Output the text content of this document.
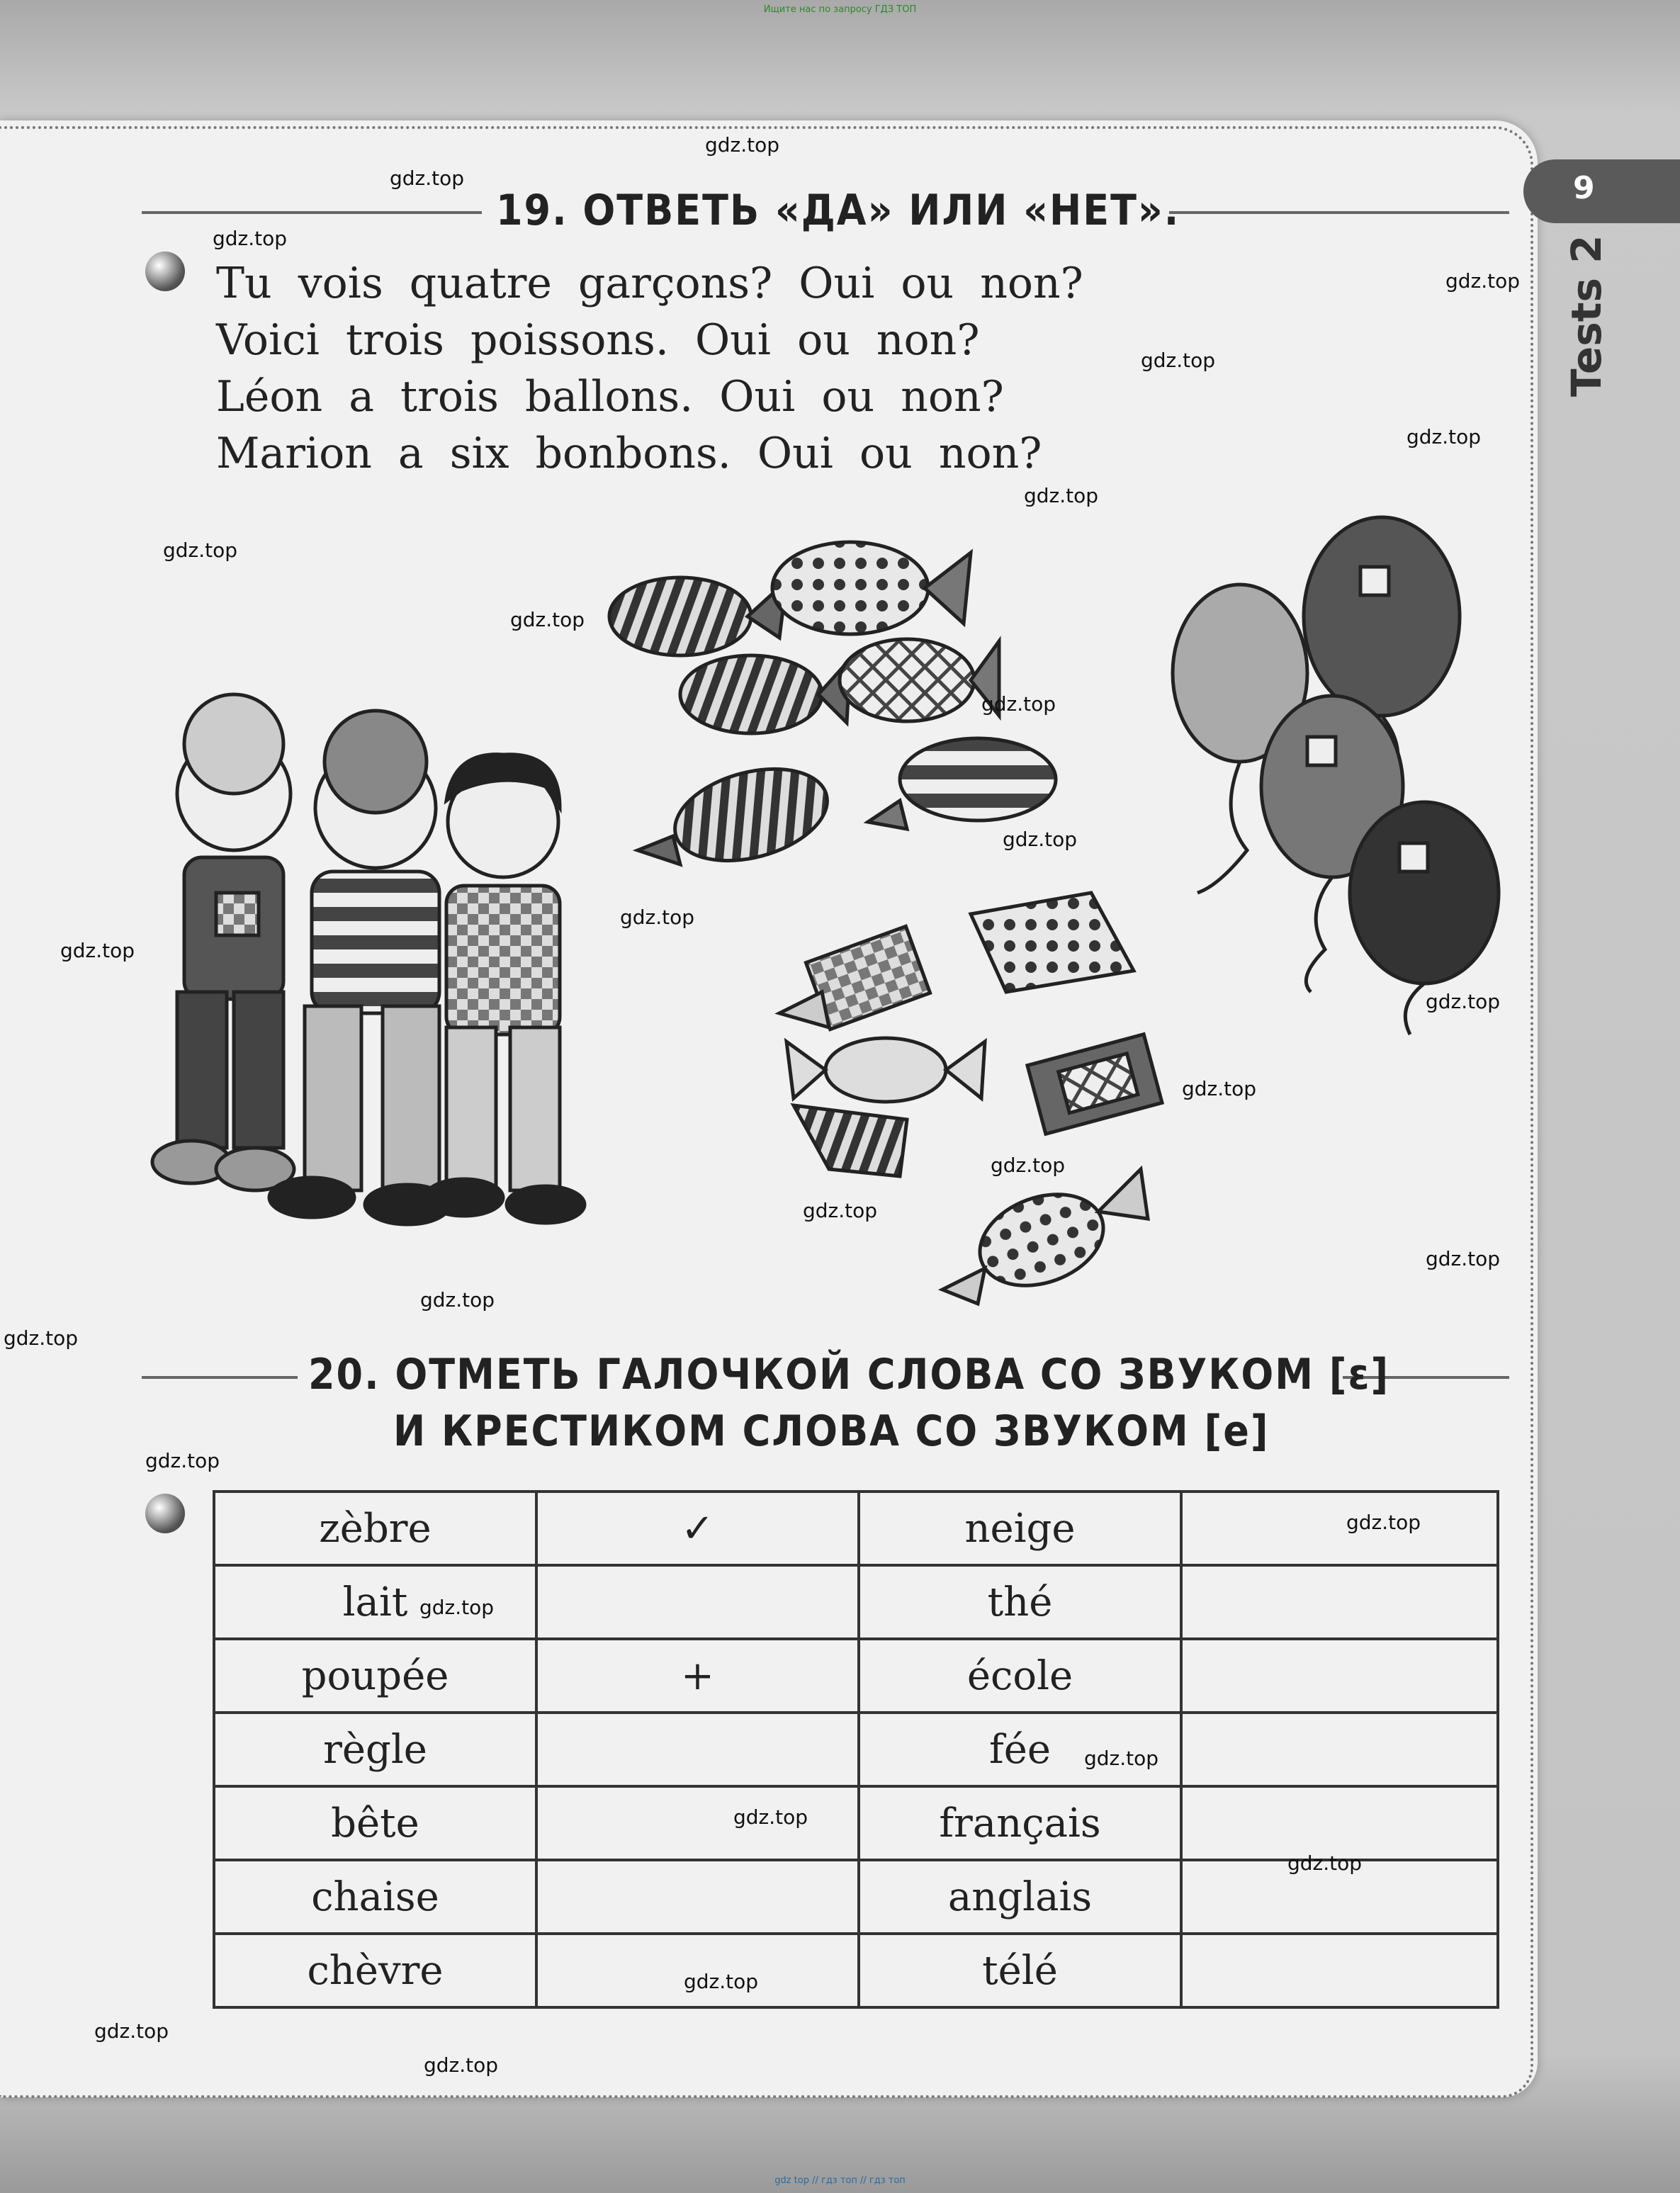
Ищите нас по запросу ГДЗ ТОП
9
Tests 2
19. ОТВЕТЬ «ДА» ИЛИ «НЕТ».
Tu vois quatre garçons? Oui ou non?
Voici trois poissons. Oui ou non?
Léon a trois ballons. Oui ou non?
Marion a six bonbons. Oui ou non?
20. ОТМЕТЬ ГАЛОЧКОЙ СЛОВА СО ЗВУКОМ [ɛ]
И КРЕСТИКОМ СЛОВА СО ЗВУКОМ [e]
zèbre	✓	neige	
lait		thé	
poupée	+	école	
règle		fée	
bête		français	
chaise		anglais	
chèvre		télé	
gdz.top
gdz.top
gdz.top
gdz.top
gdz.top
gdz.top
gdz.top
gdz.top
gdz.top
gdz.top
gdz.top
gdz.top
gdz.top
gdz.top
gdz.top
gdz.top
gdz.top
gdz.top
gdz.top
gdz.top
gdz.top
gdz.top
gdz.top
gdz.top
gdz.top
gdz.top
gdz.top
gdz.top
gdz.top
gdz top // гдз топ // гдз топ
